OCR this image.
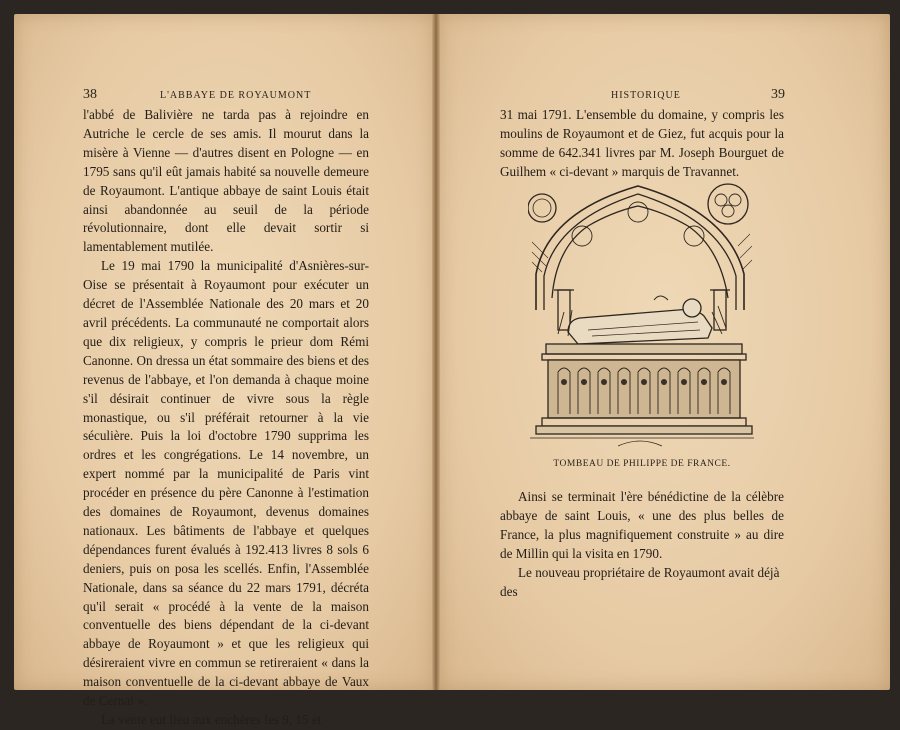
38	L'ABBAYE DE ROYAUMONT

l'abbé de Balivière ne tarda pas à rejoindre en Autriche le cercle de ses amis. Il mourut dans la misère à Vienne — d'autres disent en Pologne — en 1795 sans qu'il eût jamais habité sa nouvelle demeure de Royaumont. L'antique abbaye de saint Louis était ainsi abandonnée au seuil de la période révolutionnaire, dont elle devait sortir si lamentablement mutilée.

Le 19 mai 1790 la municipalité d'Asnières-sur-Oise se présentait à Royaumont pour exécuter un décret de l'Assemblée Nationale des 20 mars et 20 avril précédents. La communauté ne comportait alors que dix religieux, y compris le prieur dom Rémi Canonne. On dressa un état sommaire des biens et des revenus de l'abbaye, et l'on demanda à chaque moine s'il désirait continuer de vivre sous la règle monastique, ou s'il préférait retourner à la vie séculière. Puis la loi d'octobre 1790 supprima les ordres et les congrégations. Le 14 novembre, un expert nommé par la municipalité de Paris vint procéder en présence du père Canonne à l'estimation des domaines de Royaumont, devenus domaines nationaux. Les bâtiments de l'abbaye et quelques dépendances furent évalués à 192.413 livres 8 sols 6 deniers, puis on posa les scellés. Enfin, l'Assemblée Nationale, dans sa séance du 22 mars 1791, décréta qu'il serait « procédé à la vente de la maison conventuelle des biens dépendant de la ci-devant abbaye de Royaumont » et que les religieux qui désireraient vivre en commun se retireraient « dans la maison conventuelle de la ci-devant abbaye de Vaux de Cernai ».

La vente eut lieu aux enchères les 9, 15 et

HISTORIQUE	39

31 mai 1791. L'ensemble du domaine, y compris les moulins de Royaumont et de Giez, fut acquis pour la somme de 642.341 livres par M. Joseph Bourguet de Guilhem « ci-devant » marquis de Travannet.

TOMBEAU DE PHILIPPE DE FRANCE.

Ainsi se terminait l'ère bénédictine de la célèbre abbaye de saint Louis, « une des plus belles de France, la plus magnifiquement construite » au dire de Millin qui la visita en 1790.

Le nouveau propriétaire de Royaumont avait déjà des
